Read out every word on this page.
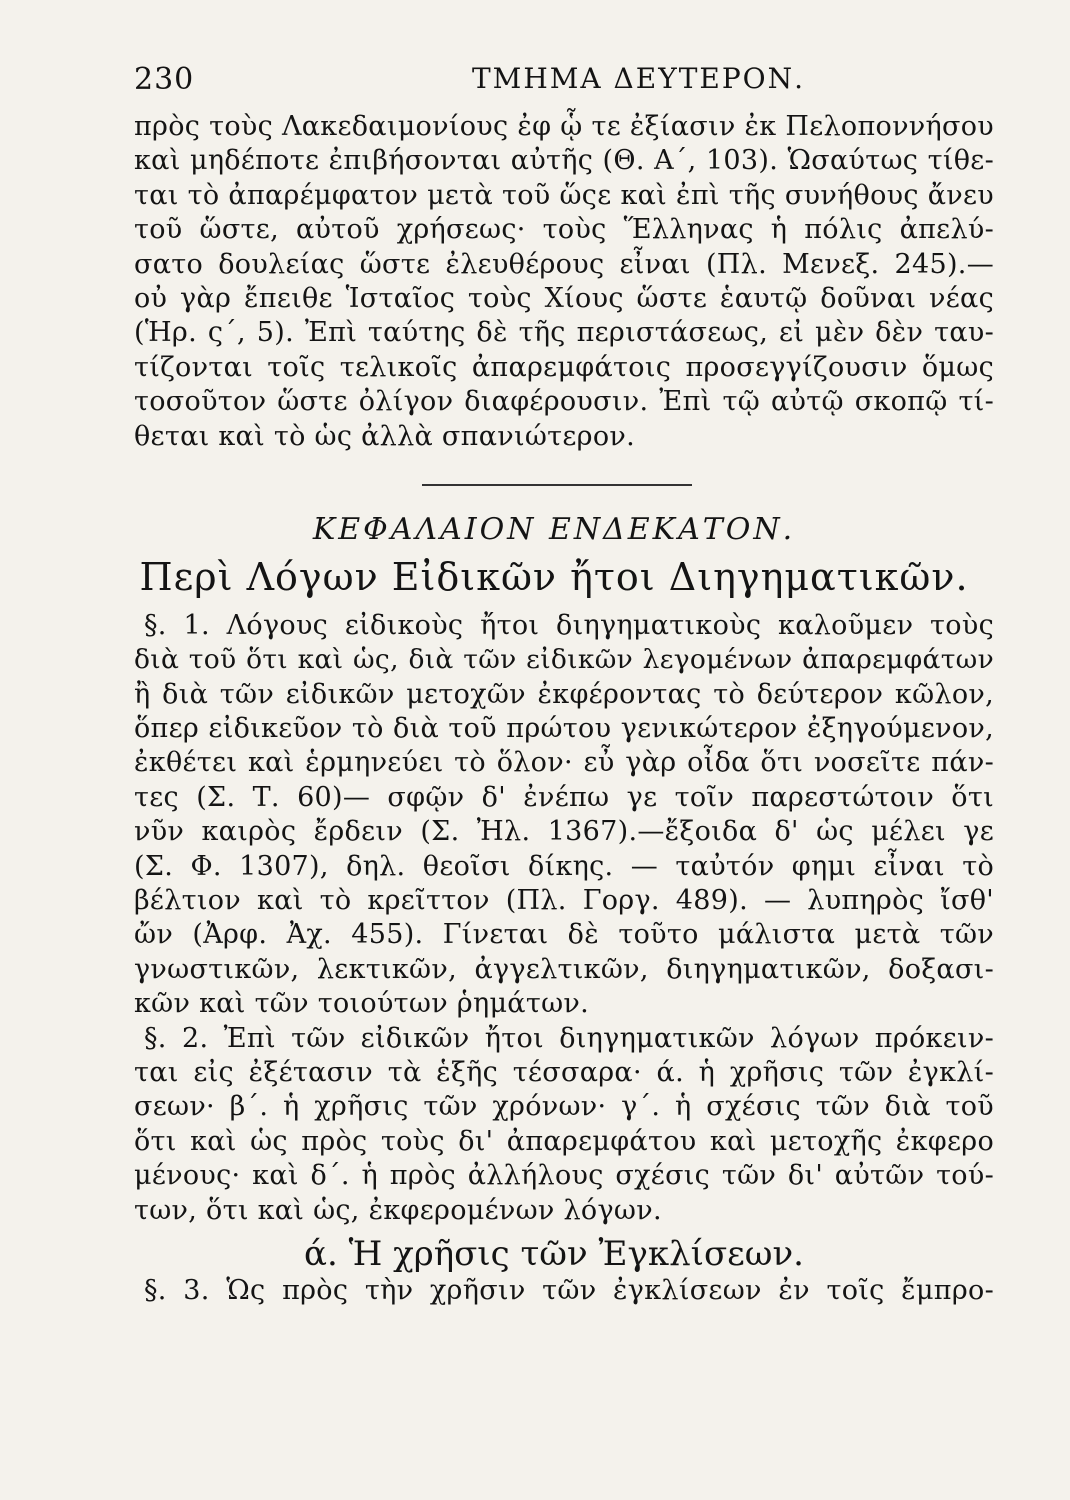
230	ΤΜΗΜΑ ΔΕΥΤΕΡΟΝ.
πρὸς τοὺς Λακεδαιμονίους ἐφ ᾧ τε ἐξίασιν ἐκ Πελοποννήσου
καὶ μηδέποτε ἐπιβήσονται αὐτῆς (Θ. Α΄, 103). Ὡσαύτως τίθε-
ται τὸ ἀπαρέμφατον μετὰ τοῦ ὥςε καὶ ἐπὶ τῆς συνήθους ἄνευ
τοῦ ὥστε, αὐτοῦ χρήσεως· τοὺς Ἕλληνας ἡ πόλις ἀπελύ-
σατο δουλείας ὥστε ἐλευθέρους εἶναι (Πλ. Μενεξ. 245).—
οὐ γὰρ ἔπειθε Ἱσταῖος τοὺς Χίους ὥστε ἑαυτῷ δοῦναι νέας
(Ἡρ. ς΄, 5). Ἐπὶ ταύτης δὲ τῆς περιστάσεως, εἰ μὲν δὲν ταυ-
τίζονται τοῖς τελικοῖς ἀπαρεμφάτοις προσεγγίζουσιν ὅμως
τοσοῦτον ὥστε ὀλίγον διαφέρουσιν. Ἐπὶ τῷ αὐτῷ σκοπῷ τί-
θεται καὶ τὸ ὡς ἀλλὰ σπανιώτερον.
ΚΕΦΑΛΑΙΟΝ ΕΝΔΕΚΑΤΟΝ.
Περὶ Λόγων Εἰδικῶν ἤτοι Διηγηματικῶν.
§. 1. Λόγους εἰδικοὺς ἤτοι διηγηματικοὺς καλοῦμεν τοὺς
διὰ τοῦ ὅτι καὶ ὡς, διὰ τῶν εἰδικῶν λεγομένων ἀπαρεμφάτων
ἢ διὰ τῶν εἰδικῶν μετοχῶν ἐκφέροντας τὸ δεύτερον κῶλον,
ὅπερ εἰδικεῦον τὸ διὰ τοῦ πρώτου γενικώτερον ἐξηγούμενον,
ἐκθέτει καὶ ἑρμηνεύει τὸ ὅλον· εὖ γὰρ οἶδα ὅτι νοσεῖτε πάν-
τες (Σ. Τ. 60)— σφῷν δ' ἐνέπω γε τοῖν παρεστώτοιν ὅτι
νῦν καιρὸς ἔρδειν (Σ. Ἠλ. 1367).—ἔξοιδα δ' ὡς μέλει γε
(Σ. Φ. 1307), δηλ. θεοῖσι δίκης. — ταὐτόν φημι εἶναι τὸ
βέλτιον καὶ τὸ κρεῖττον (Πλ. Γοργ. 489). — λυπηρὸς ἴσθ'
ὤν (Ἀρφ. Ἀχ. 455). Γίνεται δὲ τοῦτο μάλιστα μετὰ τῶν
γνωστικῶν, λεκτικῶν, ἀγγελτικῶν, διηγηματικῶν, δοξασι-
κῶν καὶ τῶν τοιούτων ῥημάτων.
§. 2. Ἐπὶ τῶν εἰδικῶν ἤτοι διηγηματικῶν λόγων πρόκειν-
ται εἰς ἐξέτασιν τὰ ἑξῆς τέσσαρα· ά. ἡ χρῆσις τῶν ἐγκλί-
σεων· β΄. ἡ χρῆσις τῶν χρόνων· γ΄. ἡ σχέσις τῶν διὰ τοῦ
ὅτι καὶ ὡς πρὸς τοὺς δι' ἀπαρεμφάτου καὶ μετοχῆς ἐκφερο
μένους· καὶ δ΄. ἡ πρὸς ἀλλήλους σχέσις τῶν δι' αὐτῶν τού-
των, ὅτι καὶ ὡς, ἐκφερομένων λόγων.
ά. Ἡ χρῆσις τῶν Ἐγκλίσεων.
§. 3. Ὡς πρὸς τὴν χρῆσιν τῶν ἐγκλίσεων ἐν τοῖς ἔμπρο-
